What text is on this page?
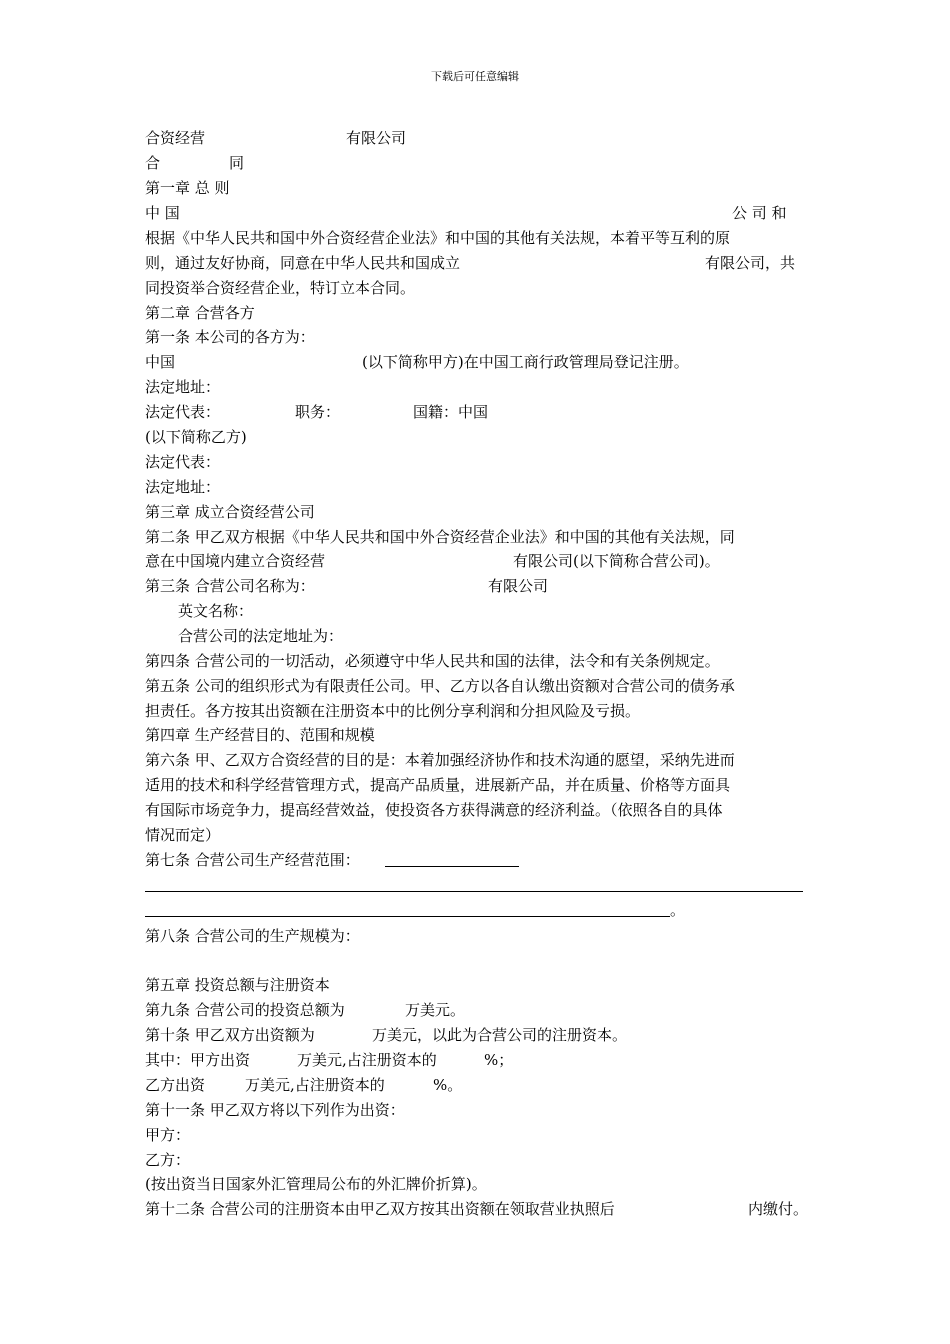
下载后可任意编辑
合资经营	有限公司
合	同
第一章 总 则
中 国	公 司 和
根据《中华人民共和国中外合资经营企业法》和中国的其他有关法规，本着平等互利的原
则，通过友好协商，同意在中华人民共和国成立	有限公司，共
同投资举合资经营企业，特订立本合同。
第二章 合营各方
第一条 本公司的各方为：
中国	(以下简称甲方)在中国工商行政管理局登记注册。
法定地址：
法定代表：	职务：	国籍：中国
(以下简称乙方)
法定代表：
法定地址：
第三章 成立合资经营公司
第二条 甲乙双方根据《中华人民共和国中外合资经营企业法》和中国的其他有关法规，同
意在中国境内建立合资经营	有限公司(以下简称合营公司)。
第三条 合营公司名称为：	有限公司
英文名称：
合营公司的法定地址为：
第四条 合营公司的一切活动，必须遵守中华人民共和国的法律，法令和有关条例规定。
第五条 公司的组织形式为有限责任公司。甲、乙方以各自认缴出资额对合营公司的债务承
担责任。各方按其出资额在注册资本中的比例分享利润和分担风险及亏损。
第四章 生产经营目的、范围和规模
第六条 甲、乙双方合资经营的目的是：本着加强经济协作和技术沟通的愿望，采纳先进而
适用的技术和科学经营管理方式，提高产品质量，进展新产品，并在质量、价格等方面具
有国际市场竞争力，提高经营效益，使投资各方获得满意的经济利益。（依照各自的具体
情况而定）
第七条 合营公司生产经营范围：
。
第八条 合营公司的生产规模为：
第五章 投资总额与注册资本
第九条 合营公司的投资总额为	万美元。
第十条 甲乙双方出资额为	万美元，以此为合营公司的注册资本。
其中：甲方出资	万美元,占注册资本的	%；
乙方出资	万美元,占注册资本的	%。
第十一条 甲乙双方将以下列作为出资：
甲方：
乙方：
(按出资当日国家外汇管理局公布的外汇牌价折算)。
第十二条 合营公司的注册资本由甲乙双方按其出资额在领取营业执照后	内缴付。
